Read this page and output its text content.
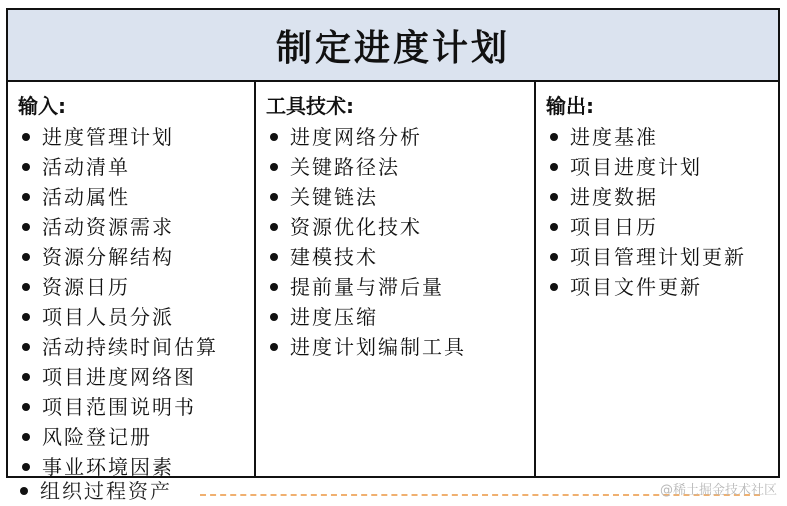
制定进度计划
输入:
进度管理计划
活动清单
活动属性
活动资源需求
资源分解结构
资源日历
项目人员分派
活动持续时间估算
项目进度网络图
项目范围说明书
风险登记册
事业环境因素
工具技术:
进度网络分析
关键路径法
关键链法
资源优化技术
建模技术
提前量与滞后量
进度压缩
进度计划编制工具
输出:
进度基准
项目进度计划
进度数据
项目日历
项目管理计划更新
项目文件更新
组织过程资产	@稀土掘金技术社区
